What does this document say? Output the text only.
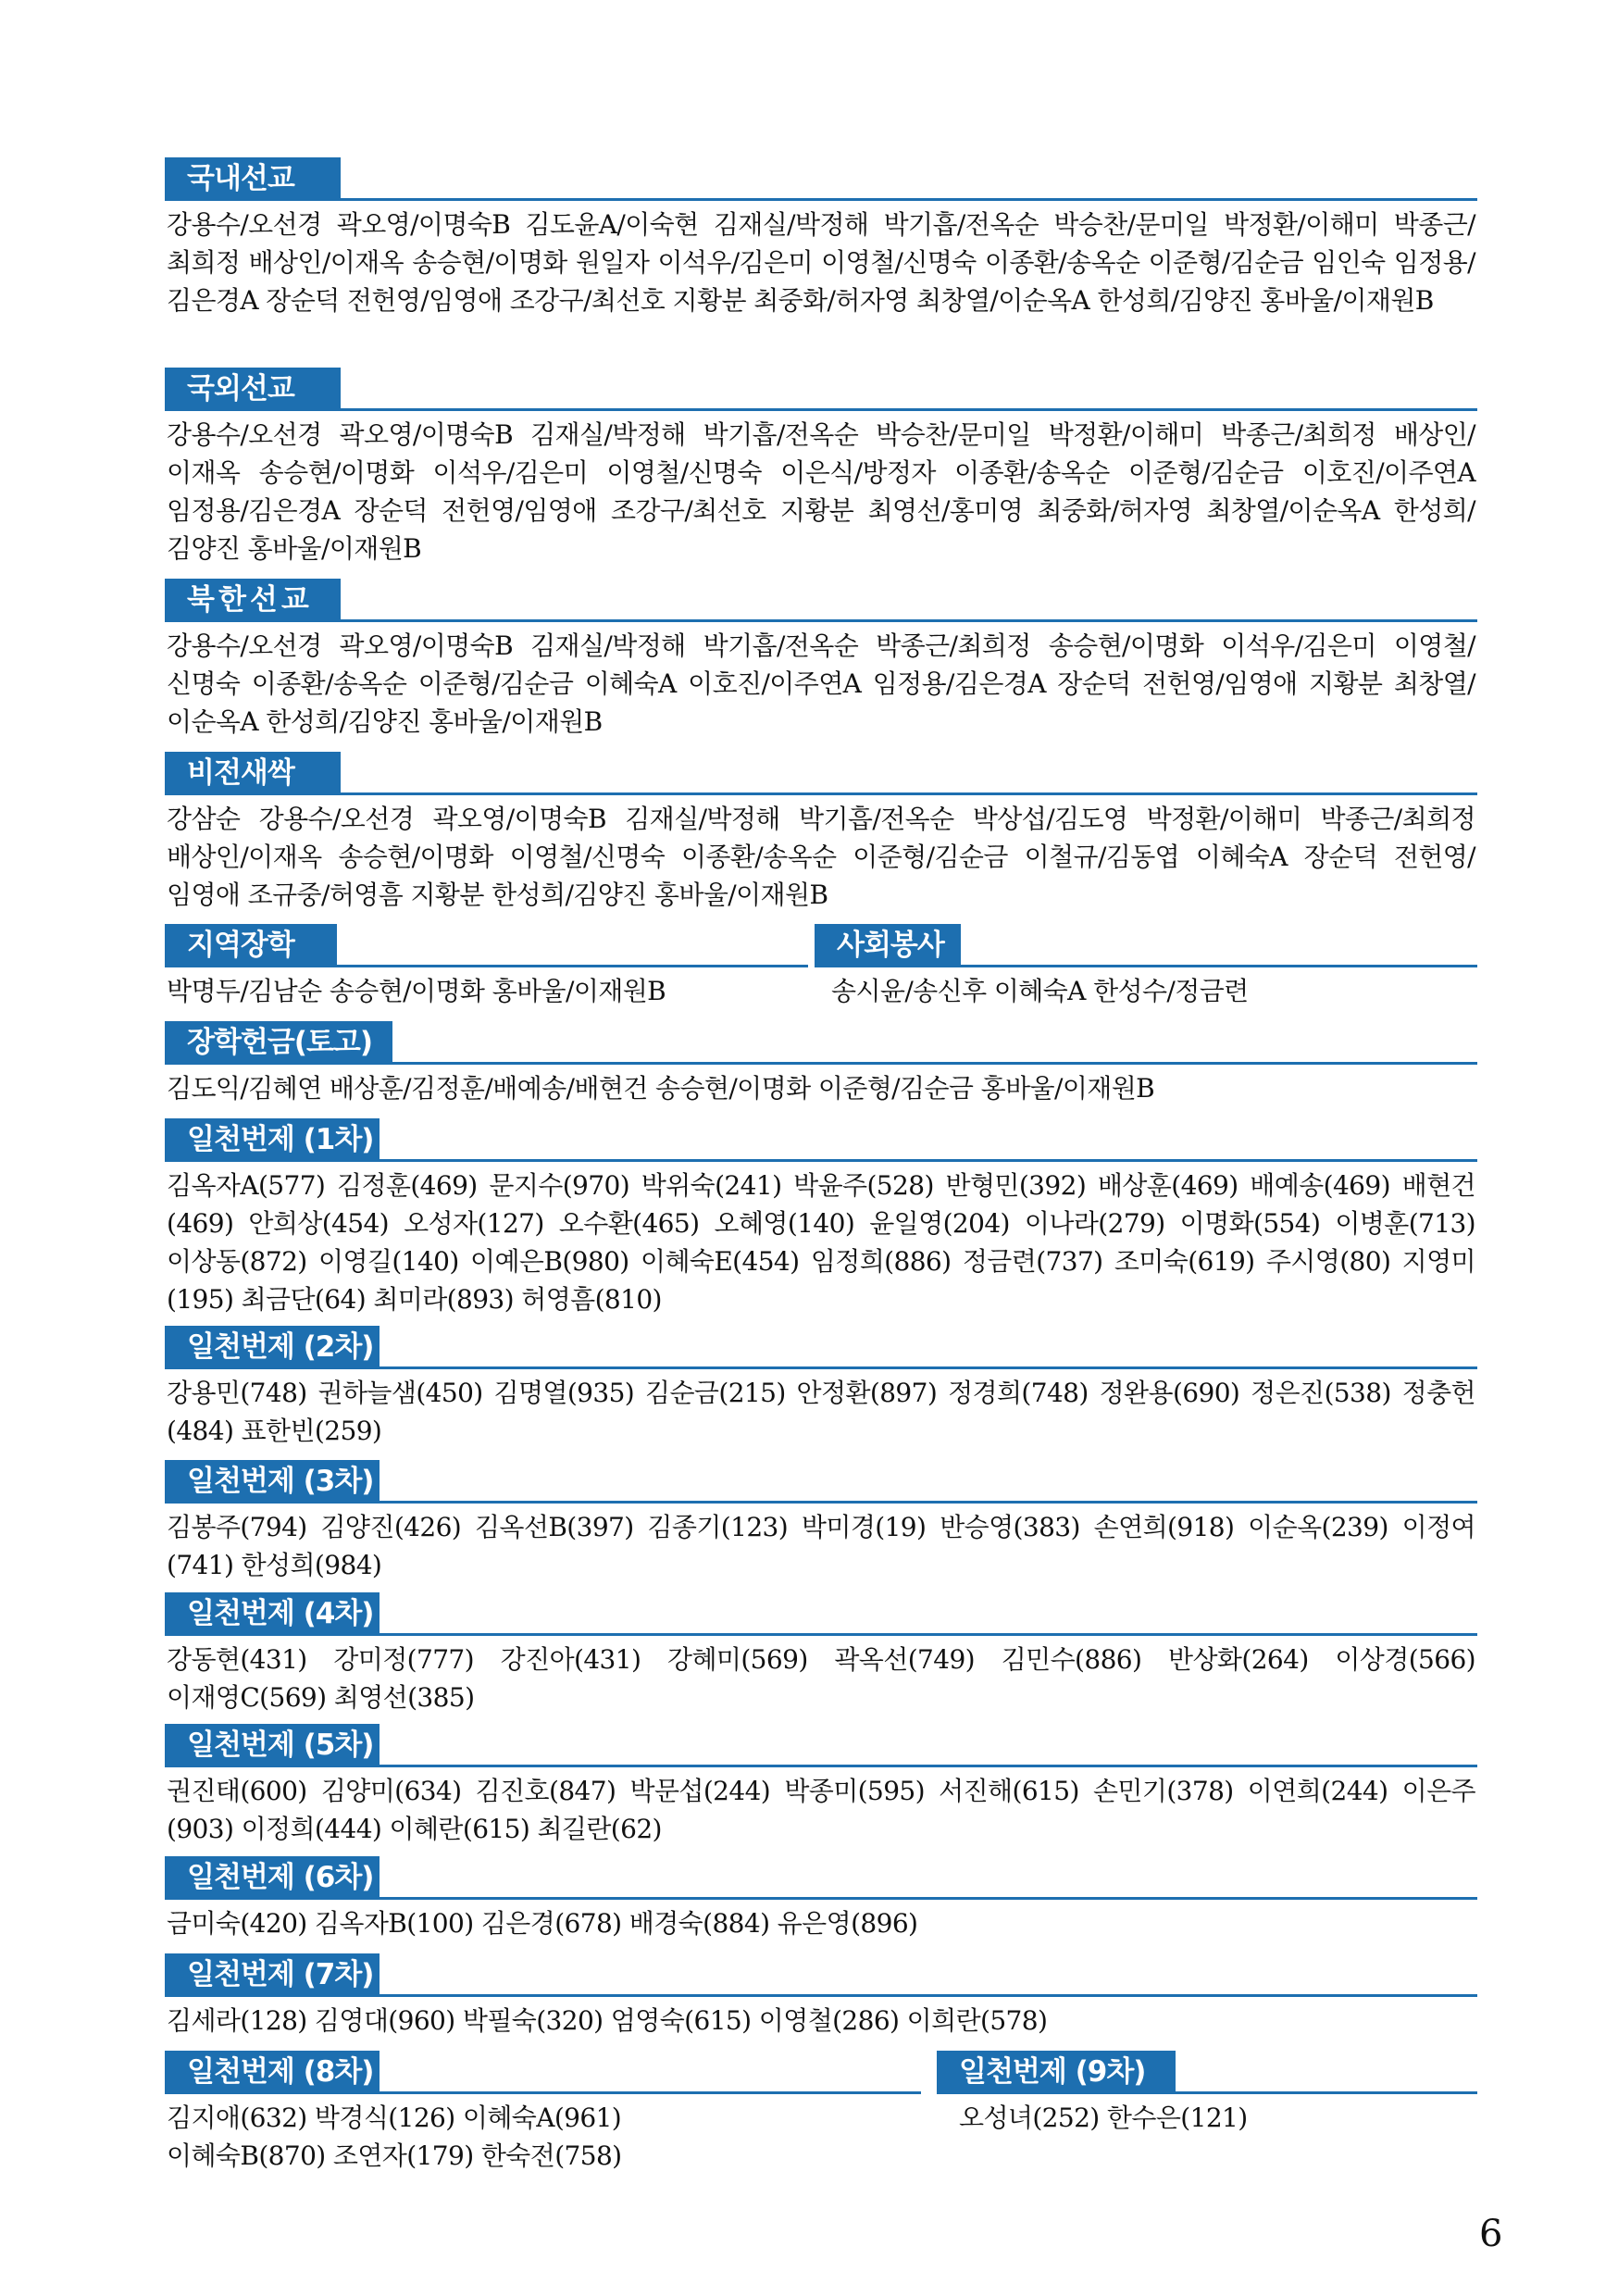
국내선교
강용수/오선경 곽오영/이명숙B 김도윤A/이숙현 김재실/박정해 박기흡/전옥순 박승찬/문미일 박정환/이해미 박종근/최희정 배상인/이재옥 송승현/이명화 원일자 이석우/김은미 이영철/신명숙 이종환/송옥순 이준형/김순금 임인숙 임정용/김은경A 장순덕 전헌영/임영애 조강구/최선호 지황분 최중화/허자영 최창열/이순옥A 한성희/김양진 홍바울/이재원B
국외선교
강용수/오선경 곽오영/이명숙B 김재실/박정해 박기흡/전옥순 박승찬/문미일 박정환/이해미 박종근/최희정 배상인/이재옥 송승현/이명화 이석우/김은미 이영철/신명숙 이은식/방정자 이종환/송옥순 이준형/김순금 이호진/이주연A 임정용/김은경A 장순덕 전헌영/임영애 조강구/최선호 지황분 최영선/홍미영 최중화/허자영 최창열/이순옥A 한성희/김양진 홍바울/이재원B
북한선교
강용수/오선경 곽오영/이명숙B 김재실/박정해 박기흡/전옥순 박종근/최희정 송승현/이명화 이석우/김은미 이영철/신명숙 이종환/송옥순 이준형/김순금 이혜숙A 이호진/이주연A 임정용/김은경A 장순덕 전헌영/임영애 지황분 최창열/이순옥A 한성희/김양진 홍바울/이재원B
비전새싹
강삼순 강용수/오선경 곽오영/이명숙B 김재실/박정해 박기흡/전옥순 박상섭/김도영 박정환/이해미 박종근/최희정 배상인/이재옥 송승현/이명화 이영철/신명숙 이종환/송옥순 이준형/김순금 이철규/김동엽 이혜숙A 장순덕 전헌영/임영애 조규중/허영흠 지황분 한성희/김양진 홍바울/이재원B
지역장학
박명두/김남순 송승현/이명화 홍바울/이재원B
사회봉사
송시윤/송신후 이혜숙A 한성수/정금련
장학헌금(토고)
김도익/김혜연 배상훈/김정훈/배예송/배현건 송승현/이명화 이준형/김순금 홍바울/이재원B
일천번제 (1차)
김옥자A(577) 김정훈(469) 문지수(970) 박위숙(241) 박윤주(528) 반형민(392) 배상훈(469) 배예송(469) 배현건(469) 안희상(454) 오성자(127) 오수환(465) 오혜영(140) 윤일영(204) 이나라(279) 이명화(554) 이병훈(713) 이상동(872) 이영길(140) 이예은B(980) 이혜숙E(454) 임정희(886) 정금련(737) 조미숙(619) 주시영(80) 지영미(195) 최금단(64) 최미라(893) 허영흠(810)
일천번제 (2차)
강용민(748) 권하늘샘(450) 김명열(935) 김순금(215) 안정환(897) 정경희(748) 정완용(690) 정은진(538) 정충헌(484) 표한빈(259)
일천번제 (3차)
김봉주(794) 김양진(426) 김옥선B(397) 김종기(123) 박미경(19) 반승영(383) 손연희(918) 이순옥(239) 이정여(741) 한성희(984)
일천번제 (4차)
강동현(431) 강미정(777) 강진아(431) 강혜미(569) 곽옥선(749) 김민수(886) 반상화(264) 이상경(566) 이재영C(569) 최영선(385)
일천번제 (5차)
권진태(600) 김양미(634) 김진호(847) 박문섭(244) 박종미(595) 서진해(615) 손민기(378) 이연희(244) 이은주(903) 이정희(444) 이혜란(615) 최길란(62)
일천번제 (6차)
금미숙(420) 김옥자B(100) 김은경(678) 배경숙(884) 유은영(896)
일천번제 (7차)
김세라(128) 김영대(960) 박필숙(320) 엄영숙(615) 이영철(286) 이희란(578)
일천번제 (8차)
김지애(632) 박경식(126) 이혜숙A(961) 이혜숙B(870) 조연자(179) 한숙전(758)
일천번제 (9차)
오성녀(252) 한수은(121)
6
